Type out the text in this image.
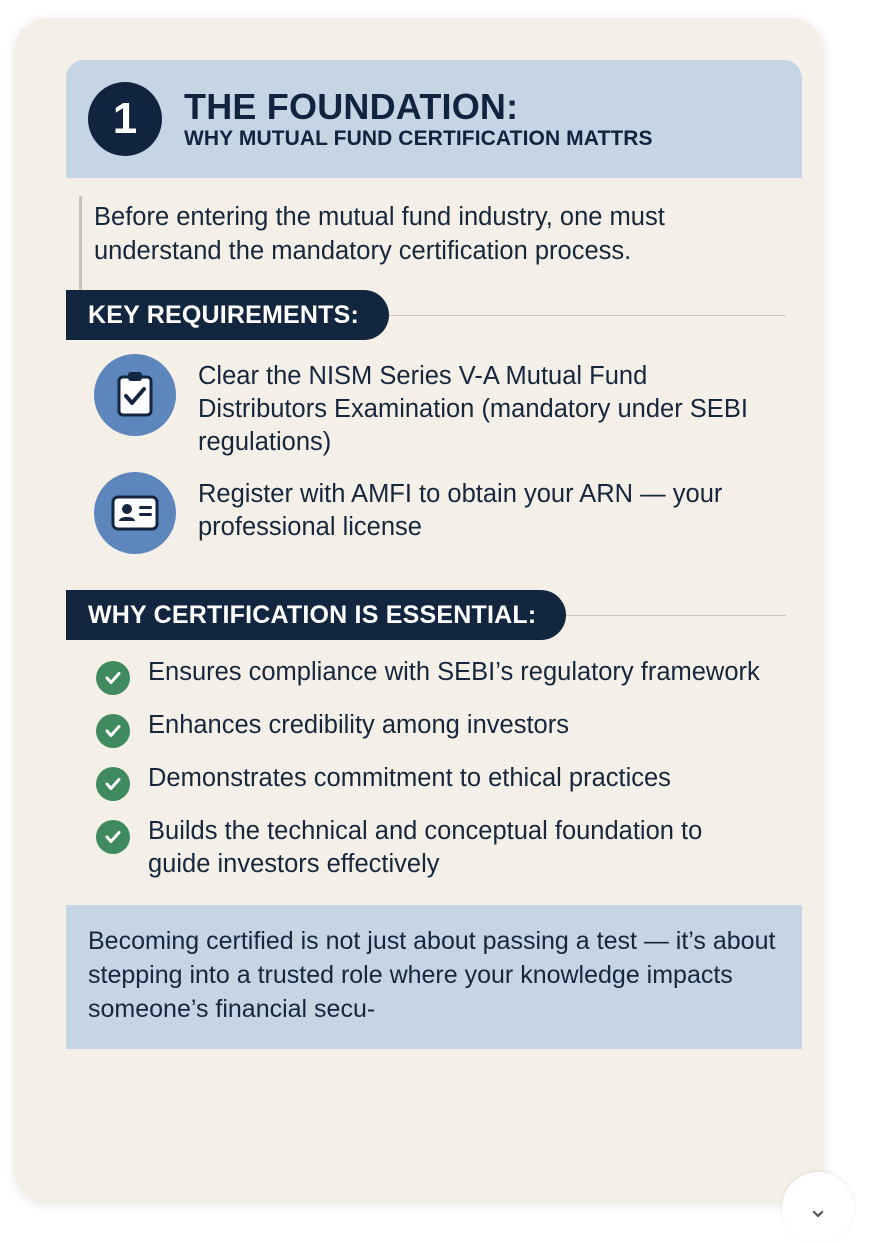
1	THE FOUNDATION:
WHY MUTUAL FUND CERTIFICATION MATTRS
Before entering the mutual fund industry, one must understand the mandatory certification process.
KEY REQUIREMENTS:
Clear the NISM Series V-A Mutual Fund Distributors Examination (mandatory under SEBI regulations)
Register with AMFI to obtain your ARN — your professional license
WHY CERTIFICATION IS ESSENTIAL:
Ensures compliance with SEBI’s regulatory framework
Enhances credibility among investors
Demonstrates commitment to ethical practices
Builds the technical and conceptual foundation to guide investors effectively
Becoming certified is not just about passing a test — it’s about stepping into a trusted role where your knowledge impacts someone’s financial secu-
⌄
